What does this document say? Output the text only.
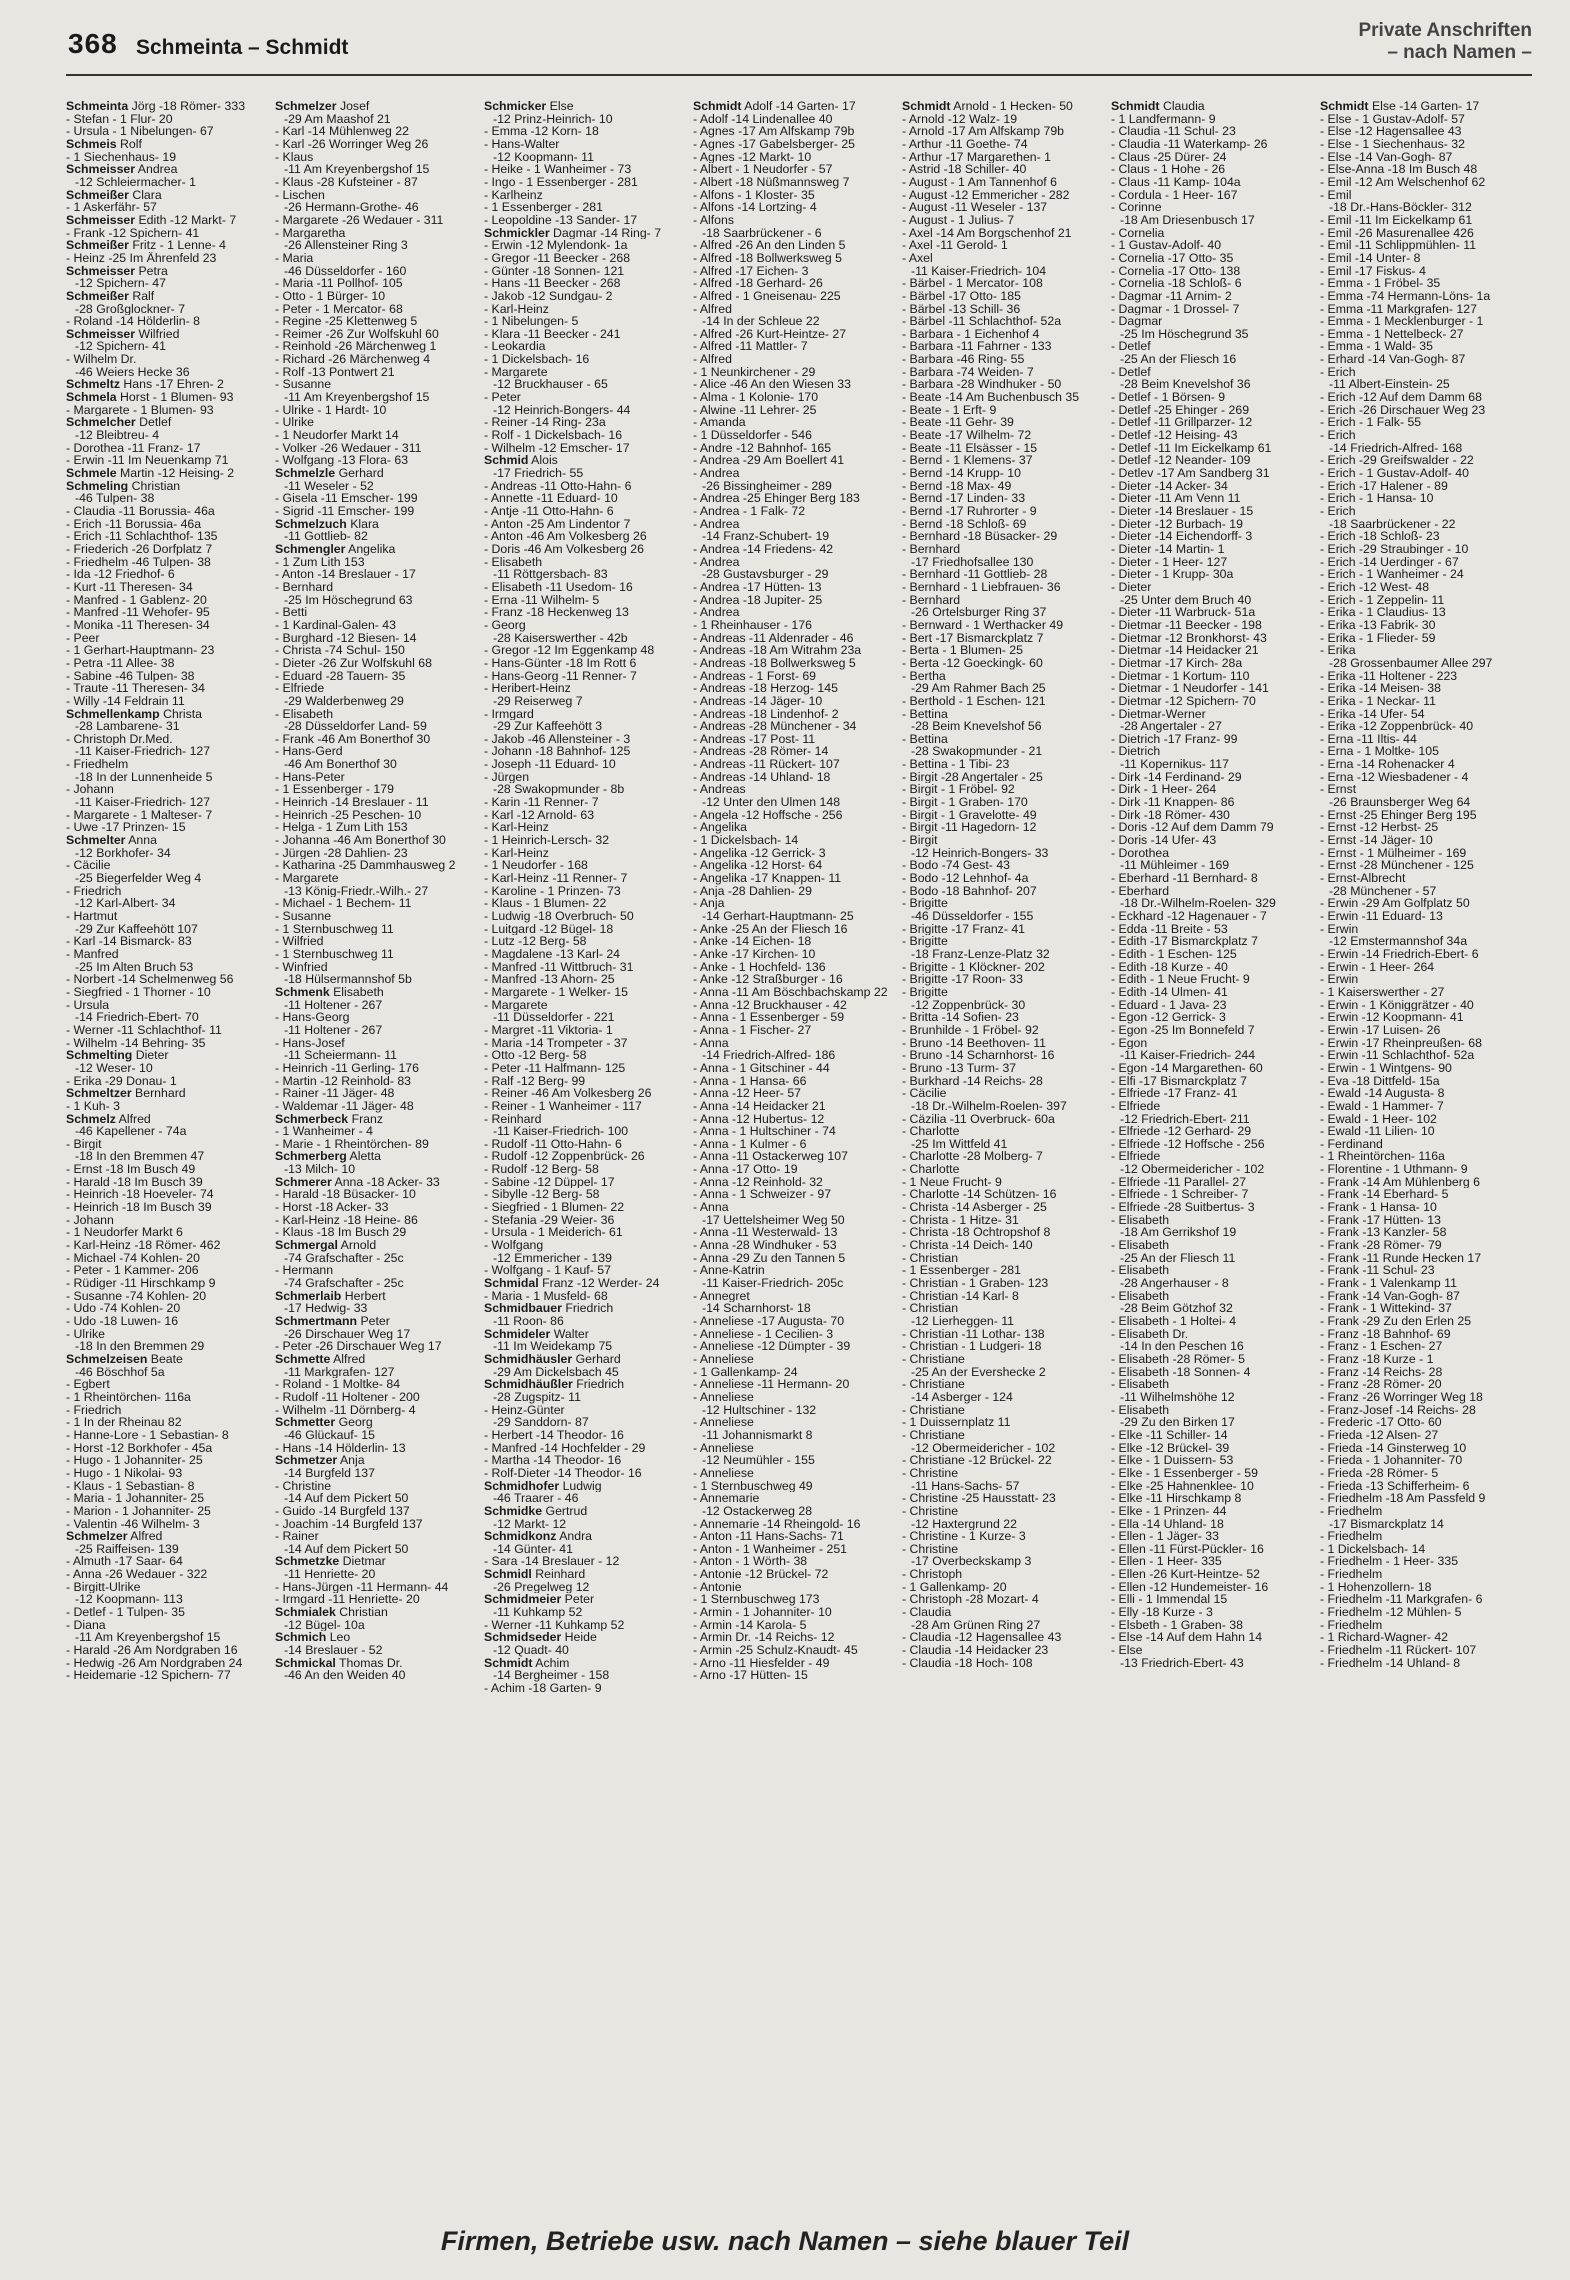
368 Schmeinta – Schmidt
Private Anschriften
– nach Namen –
Schmeinta Jörg -18 Römer- 333
- Stefan - 1 Flur- 20
- Ursula - 1 Nibelungen- 67
Schmeis Rolf
- 1 Siechenhaus- 19
Schmeisser Andrea
-12 Schleiermacher- 1
Schmeißer Clara
- 1 Askerfähr- 57
Schmeisser Edith -12 Markt- 7
- Frank -12 Spichern- 41
Schmeißer Fritz - 1 Lenne- 4
- Heinz -25 Im Ährenfeld 23
Schmeisser Petra
-12 Spichern- 47
Schmeißer Ralf
-28 Großglockner- 7
- Roland -14 Hölderlin- 8
Schmeisser Wilfried
-12 Spichern- 41
- Wilhelm Dr.
-46 Weiers Hecke 36
Schmeltz Hans -17 Ehren- 2
Schmela Horst - 1 Blumen- 93
- Margarete - 1 Blumen- 93
Schmelcher Detlef
-12 Bleibtreu- 4
- Dorothea -11 Franz- 17
- Erwin -11 Im Neuenkamp 71
Schmele Martin -12 Heising- 2
Schmeling Christian
-46 Tulpen- 38
- Claudia -11 Borussia- 46a
- Erich -11 Borussia- 46a
- Erich -11 Schlachthof- 135
- Friederich -26 Dorfplatz 7
- Friedhelm -46 Tulpen- 38
- Ida -12 Friedhof- 6
- Kurt -11 Theresen- 34
- Manfred - 1 Gablenz- 20
- Manfred -11 Wehofer- 95
- Monika -11 Theresen- 34
- Peer
- 1 Gerhart-Hauptmann- 23
- Petra -11 Allee- 38
- Sabine -46 Tulpen- 38
- Traute -11 Theresen- 34
- Willy -14 Feldrain 11
Schmellenkamp Christa
-28 Lambarene- 31
- Christoph Dr.Med.
-11 Kaiser-Friedrich- 127
- Friedhelm
-18 In der Lunnenheide 5
- Johann
-11 Kaiser-Friedrich- 127
- Margarete - 1 Malteser- 7
- Uwe -17 Prinzen- 15
Schmelter Anna
-12 Borkhofer- 34
- Cäcilie
-25 Biegerfelder Weg 4
- Friedrich
-12 Karl-Albert- 34
- Hartmut
-29 Zur Kaffeehött 107
- Karl -14 Bismarck- 83
- Manfred
-25 Im Alten Bruch 53
- Norbert -14 Schelmenweg 56
- Siegfried - 1 Thorner - 10
- Ursula
-14 Friedrich-Ebert- 70
- Werner -11 Schlachthof- 11
- Wilhelm -14 Behring- 35
Schmelting Dieter
-12 Weser- 10
- Erika -29 Donau- 1
Schmeltzer Bernhard
- 1 Kuh- 3
Schmelz Alfred
-46 Kapellener - 74a
- Birgit
-18 In den Bremmen 47
- Ernst -18 Im Busch 49
- Harald -18 Im Busch 39
- Heinrich -18 Hoeveler- 74
- Heinrich -18 Im Busch 39
- Johann
- 1 Neudorfer Markt 6
- Karl-Heinz -18 Römer- 462
- Michael -74 Kohlen- 20
- Peter - 1 Kammer- 206
- Rüdiger -11 Hirschkamp 9
- Susanne -74 Kohlen- 20
- Udo -74 Kohlen- 20
- Udo -18 Luwen- 16
- Ulrike
-18 In den Bremmen 29
Schmelzeisen Beate
-46 Böschhof 5a
- Egbert
- 1 Rheintörchen- 116a
- Friedrich
- 1 In der Rheinau 82
- Hanne-Lore - 1 Sebastian- 8
- Horst -12 Borkhofer - 45a
- Hugo - 1 Johanniter- 25
- Hugo - 1 Nikolai- 93
- Klaus - 1 Sebastian- 8
- Maria - 1 Johanniter- 25
- Marion - 1 Johanniter- 25
- Valentin -46 Wilhelm- 3
Schmelzer Alfred
-25 Raiffeisen- 139
- Almuth -17 Saar- 64
- Anna -26 Wedauer - 322
- Birgitt-Ulrike
-12 Koopmann- 113
- Detlef - 1 Tulpen- 35
- Diana
-11 Am Kreyenbergshof 15
- Harald -26 Am Nordgraben 16
- Hedwig -26 Am Nordgraben 24
- Heidemarie -12 Spichern- 77
Schmelzer Josef
-29 Am Maashof 21
- Karl -14 Mühlenweg 22
- Karl -26 Worringer Weg 26
- Klaus
-11 Am Kreyenbergshof 15
- Klaus -28 Kufsteiner - 87
- Lischen
-26 Hermann-Grothe- 46
- Margarete -26 Wedauer - 311
- Margaretha
-26 Allensteiner Ring 3
- Maria
-46 Düsseldorfer - 160
- Maria -11 Pollhof- 105
- Otto - 1 Bürger- 10
- Peter - 1 Mercator- 68
- Regine -25 Klettenweg 5
- Reimer -26 Zur Wolfskuhl 60
- Reinhold -26 Märchenweg 1
- Richard -26 Märchenweg 4
- Rolf -13 Pontwert 21
- Susanne
-11 Am Kreyenbergshof 15
- Ulrike - 1 Hardt- 10
- Ulrike
- 1 Neudorfer Markt 14
- Volker -26 Wedauer - 311
- Wolfgang -13 Flora- 63
Schmelzle Gerhard
-11 Weseler - 52
- Gisela -11 Emscher- 199
- Sigrid -11 Emscher- 199
Schmelzuch Klara
-11 Gottlieb- 82
Schmengler Angelika
- 1 Zum Lith 153
- Anton -14 Breslauer - 17
- Bernhard
-25 Im Höschegrund 63
- Betti
- 1 Kardinal-Galen- 43
- Burghard -12 Biesen- 14
- Christa -74 Schul- 150
- Dieter -26 Zur Wolfskuhl 68
- Eduard -28 Tauern- 35
- Elfriede
-29 Walderbenweg 29
- Elisabeth
-28 Düsseldorfer Land- 59
- Frank -46 Am Bonerthof 30
- Hans-Gerd
-46 Am Bonerthof 30
- Hans-Peter
- 1 Essenberger - 179
- Heinrich -14 Breslauer - 11
- Heinrich -25 Peschen- 10
- Helga - 1 Zum Lith 153
- Johanna -46 Am Bonerthof 30
- Jürgen -28 Dahlien- 23
- Katharina -25 Dammhausweg 2
- Margarete
-13 König-Friedr.-Wilh.- 27
- Michael - 1 Bechem- 11
- Susanne
- 1 Sternbuschweg 11
- Wilfried
- 1 Sternbuschweg 11
- Winfried
-18 Hülsermannshof 5b
Schmenk Elisabeth
-11 Holtener - 267
- Hans-Georg
-11 Holtener - 267
- Hans-Josef
-11 Scheiermann- 11
- Heinrich -11 Gerling- 176
- Martin -12 Reinhold- 83
- Rainer -11 Jäger- 48
- Waldemar -11 Jäger- 48
Schmerbeck Franz
- 1 Wanheimer - 4
- Marie - 1 Rheintörchen- 89
Schmerberg Aletta
-13 Milch- 10
Schmerer Anna -18 Acker- 33
- Harald -18 Büsacker- 10
- Horst -18 Acker- 33
- Karl-Heinz -18 Heine- 86
- Klaus -18 Im Busch 29
Schmergal Arnold
-74 Grafschafter - 25c
- Hermann
-74 Grafschafter - 25c
Schmerlaib Herbert
-17 Hedwig- 33
Schmertmann Peter
-26 Dirschauer Weg 17
- Peter -26 Dirschauer Weg 17
Schmette Alfred
-11 Markgrafen- 127
- Roland - 1 Moltke- 84
- Rudolf -11 Holtener - 200
- Wilhelm -11 Dörnberg- 4
Schmetter Georg
-46 Glückauf- 15
- Hans -14 Hölderlin- 13
Schmetzer Anja
-14 Burgfeld 137
- Christine
-14 Auf dem Pickert 50
- Guido -14 Burgfeld 137
- Joachim -14 Burgfeld 137
- Rainer
-14 Auf dem Pickert 50
Schmetzke Dietmar
-11 Henriette- 20
- Hans-Jürgen -11 Hermann- 44
- Irmgard -11 Henriette- 20
Schmialek Christian
-12 Bügel- 10a
Schmich Leo
-14 Breslauer - 52
Schmickal Thomas Dr.
-46 An den Weiden 40
Schmicker Else
-12 Prinz-Heinrich- 10
- Emma -12 Korn- 18
- Hans-Walter
-12 Koopmann- 11
- Heike - 1 Wanheimer - 73
- Ingo - 1 Essenberger - 281
- Karlheinz
- 1 Essenberger - 281
- Leopoldine -13 Sander- 17
Schmickler Dagmar -14 Ring- 7
- Erwin -12 Mylendonk- 1a
- Gregor -11 Beecker - 268
- Günter -18 Sonnen- 121
- Hans -11 Beecker - 268
- Jakob -12 Sundgau- 2
- Karl-Heinz
- 1 Nibelungen- 5
- Klara -11 Beecker - 241
- Leokardia
- 1 Dickelsbach- 16
- Margarete
-12 Bruckhauser - 65
- Peter
-12 Heinrich-Bongers- 44
- Reiner -14 Ring- 23a
- Rolf - 1 Dickelsbach- 16
- Wilhelm -12 Emscher- 17
Schmid Alois
-17 Friedrich- 55
- Andreas -11 Otto-Hahn- 6
- Annette -11 Eduard- 10
- Antje -11 Otto-Hahn- 6
- Anton -25 Am Lindentor 7
- Anton -46 Am Volkesberg 26
- Doris -46 Am Volkesberg 26
- Elisabeth
-11 Röttgersbach- 83
- Elisabeth -11 Usedom- 16
- Erna -11 Wilhelm- 5
- Franz -18 Heckenweg 13
- Georg
-28 Kaiserswerther - 42b
- Gregor -12 Im Eggenkamp 48
- Hans-Günter -18 Im Rott 6
- Hans-Georg -11 Renner- 7
- Heribert-Heinz
-29 Reiserweg 7
- Irmgard
-29 Zur Kaffeehött 3
- Jakob -46 Allensteiner - 3
- Johann -18 Bahnhof- 125
- Joseph -11 Eduard- 10
- Jürgen
-28 Swakopmunder - 8b
- Karin -11 Renner- 7
- Karl -12 Arnold- 63
- Karl-Heinz
- 1 Heinrich-Lersch- 32
- Karl-Heinz
- 1 Neudorfer - 168
- Karl-Heinz -11 Renner- 7
- Karoline - 1 Prinzen- 73
- Klaus - 1 Blumen- 22
- Ludwig -18 Overbruch- 50
- Luitgard -12 Bügel- 18
- Lutz -12 Berg- 58
- Magdalene -13 Karl- 24
- Manfred -11 Wittbruch- 31
- Manfred -13 Ahorn- 25
- Margarete - 1 Welker- 15
- Margarete
-11 Düsseldorfer - 221
- Margret -11 Viktoria- 1
- Maria -14 Trompeter - 37
- Otto -12 Berg- 58
- Peter -11 Halfmann- 125
- Ralf -12 Berg- 99
- Reiner -46 Am Volkesberg 26
- Reiner - 1 Wanheimer - 117
- Reinhard
-11 Kaiser-Friedrich- 100
- Rudolf -11 Otto-Hahn- 6
- Rudolf -12 Zoppenbrück- 26
- Rudolf -12 Berg- 58
- Sabine -12 Düppel- 17
- Sibylle -12 Berg- 58
- Siegfried - 1 Blumen- 22
- Stefania -29 Weier- 36
- Ursula - 1 Meiderich- 61
- Wolfgang
-12 Emmericher - 139
- Wolfgang - 1 Kauf- 57
Schmidal Franz -12 Werder- 24
- Maria - 1 Musfeld- 68
Schmidbauer Friedrich
-11 Roon- 86
Schmideler Walter
-11 Im Weidekamp 75
Schmidhäusler Gerhard
-29 Am Dickelsbach 45
Schmidhäußler Friedrich
-28 Zugspitz- 11
- Heinz-Günter
-29 Sanddorn- 87
- Herbert -14 Theodor- 16
- Manfred -14 Hochfelder - 29
- Martha -14 Theodor- 16
- Rolf-Dieter -14 Theodor- 16
Schmidhofer Ludwig
-46 Traarer - 46
Schmidke Gertrud
-12 Markt- 12
Schmidkonz Andra
-14 Günter- 41
- Sara -14 Breslauer - 12
Schmidl Reinhard
-26 Pregelweg 12
Schmidmeier Peter
-11 Kuhkamp 52
- Werner -11 Kuhkamp 52
Schmidseder Heide
-12 Quadt- 40
Schmidt Achim
-14 Bergheimer - 158
- Achim -18 Garten- 9
Schmidt Adolf -14 Garten- 17
- Adolf -14 Lindenallee 40
- Agnes -17 Am Alfskamp 79b
- Agnes -17 Gabelsberger- 25
- Agnes -12 Markt- 10
- Albert - 1 Neudorfer - 57
- Albert -18 Nüßmannsweg 7
- Alfons - 1 Kloster- 35
- Alfons -14 Lortzing- 4
- Alfons
-18 Saarbrückener - 6
- Alfred -26 An den Linden 5
- Alfred -18 Bollwerksweg 5
- Alfred -17 Eichen- 3
- Alfred -18 Gerhard- 26
- Alfred - 1 Gneisenau- 225
- Alfred
-14 In der Schleue 22
- Alfred -26 Kurt-Heintze- 27
- Alfred -11 Mattler- 7
- Alfred
- 1 Neunkirchener - 29
- Alice -46 An den Wiesen 33
- Alma - 1 Kolonie- 170
- Alwine -11 Lehrer- 25
- Amanda
- 1 Düsseldorfer - 546
- Andre -12 Bahnhof- 165
- Andrea -29 Am Boellert 41
- Andrea
-26 Bissingheimer - 289
- Andrea -25 Ehinger Berg 183
- Andrea - 1 Falk- 72
- Andrea
-14 Franz-Schubert- 19
- Andrea -14 Friedens- 42
- Andrea
-28 Gustavsburger - 29
- Andrea -17 Hütten- 13
- Andrea -18 Jupiter- 25
- Andrea
- 1 Rheinhauser - 176
- Andreas -11 Aldenrader - 46
- Andreas -18 Am Witrahm 23a
- Andreas -18 Bollwerksweg 5
- Andreas - 1 Forst- 69
- Andreas -18 Herzog- 145
- Andreas -14 Jäger- 10
- Andreas -18 Lindenhof- 2
- Andreas -28 Münchener - 34
- Andreas -17 Post- 11
- Andreas -28 Römer- 14
- Andreas -11 Rückert- 107
- Andreas -14 Uhland- 18
- Andreas
-12 Unter den Ulmen 148
- Angela -12 Hoffsche - 256
- Angelika
- 1 Dickelsbach- 14
- Angelika -12 Gerrick- 3
- Angelika -12 Horst- 64
- Angelika -17 Knappen- 11
- Anja -28 Dahlien- 29
- Anja
-14 Gerhart-Hauptmann- 25
- Anke -25 An der Fliesch 16
- Anke -14 Eichen- 18
- Anke -17 Kirchen- 10
- Anke - 1 Hochfeld- 136
- Anke -12 Straßburger - 16
- Anna -11 Am Böschbachskamp 22
- Anna -12 Bruckhauser - 42
- Anna - 1 Essenberger - 59
- Anna - 1 Fischer- 27
- Anna
-14 Friedrich-Alfred- 186
- Anna - 1 Gitschiner - 44
- Anna - 1 Hansa- 66
- Anna -12 Heer- 57
- Anna -14 Heidacker 21
- Anna -12 Hubertus- 12
- Anna - 1 Hultschiner - 74
- Anna - 1 Kulmer - 6
- Anna -11 Ostackerweg 107
- Anna -17 Otto- 19
- Anna -12 Reinhold- 32
- Anna - 1 Schweizer - 97
- Anna
-17 Uettelsheimer Weg 50
- Anna -11 Westerwald- 13
- Anna -28 Windhuker - 53
- Anna -29 Zu den Tannen 5
- Anne-Katrin
-11 Kaiser-Friedrich- 205c
- Annegret
-14 Scharnhorst- 18
- Anneliese -17 Augusta- 70
- Anneliese - 1 Cecilien- 3
- Anneliese -12 Dümpter - 39
- Anneliese
- 1 Gallenkamp- 24
- Anneliese -11 Hermann- 20
- Anneliese
-12 Hultschiner - 132
- Anneliese
-11 Johannismarkt 8
- Anneliese
-12 Neumühler - 155
- Anneliese
- 1 Sternbuschweg 49
- Annemarie
-12 Ostackerweg 28
- Annemarie -14 Rheingold- 16
- Anton -11 Hans-Sachs- 71
- Anton - 1 Wanheimer - 251
- Anton - 1 Wörth- 38
- Antonie -12 Brückel- 72
- Antonie
- 1 Sternbuschweg 173
- Armin - 1 Johanniter- 10
- Armin -14 Karola- 5
- Armin Dr. -14 Reichs- 12
- Armin -25 Schulz-Knaudt- 45
- Arno -11 Hiesfelder - 49
- Arno -17 Hütten- 15
Schmidt Arnold - 1 Hecken- 50
- Arnold -12 Walz- 19
- Arnold -17 Am Alfskamp 79b
- Arthur -11 Goethe- 74
- Arthur -17 Margarethen- 1
- Astrid -18 Schiller- 40
- August - 1 Am Tannenhof 6
- August -12 Emmericher - 282
- August -11 Weseler - 137
- August - 1 Julius- 7
- Axel -14 Am Borgschenhof 21
- Axel -11 Gerold- 1
- Axel
-11 Kaiser-Friedrich- 104
- Bärbel - 1 Mercator- 108
- Bärbel -17 Otto- 185
- Bärbel -13 Schill- 36
- Bärbel -11 Schlachthof- 52a
- Barbara - 1 Eichenhof 4
- Barbara -11 Fahrner - 133
- Barbara -46 Ring- 55
- Barbara -74 Weiden- 7
- Barbara -28 Windhuker - 50
- Beate -14 Am Buchenbusch 35
- Beate - 1 Erft- 9
- Beate -11 Gehr- 39
- Beate -17 Wilhelm- 72
- Beate -11 Elsässer - 15
- Bernd - 1 Klemens- 37
- Bernd -14 Krupp- 10
- Bernd -18 Max- 49
- Bernd -17 Linden- 33
- Bernd -17 Ruhrorter - 9
- Bernd -18 Schloß- 69
- Bernhard -18 Büsacker- 29
- Bernhard
-17 Friedhofsallee 130
- Bernhard -11 Gottlieb- 28
- Bernhard - 1 Liebfrauen- 36
- Bernhard
-26 Ortelsburger Ring 37
- Bernward - 1 Werthacker 49
- Bert -17 Bismarckplatz 7
- Berta - 1 Blumen- 25
- Berta -12 Goeckingk- 60
- Bertha
-29 Am Rahmer Bach 25
- Berthold - 1 Eschen- 121
- Bettina
-28 Beim Knevelshof 56
- Bettina
-28 Swakopmunder - 21
- Bettina - 1 Tibi- 23
- Birgit -28 Angertaler - 25
- Birgit - 1 Fröbel- 92
- Birgit - 1 Graben- 170
- Birgit - 1 Gravelotte- 49
- Birgit -11 Hagedorn- 12
- Birgit
-12 Heinrich-Bongers- 33
- Bodo -74 Gest- 43
- Bodo -12 Lehnhof- 4a
- Bodo -18 Bahnhof- 207
- Brigitte
-46 Düsseldorfer - 155
- Brigitte -17 Franz- 41
- Brigitte
-18 Franz-Lenze-Platz 32
- Brigitte - 1 Klöckner- 202
- Brigitte -17 Roon- 33
- Brigitte
-12 Zoppenbrück- 30
- Britta -14 Sofien- 23
- Brunhilde - 1 Fröbel- 92
- Bruno -14 Beethoven- 11
- Bruno -14 Scharnhorst- 16
- Bruno -13 Turm- 37
- Burkhard -14 Reichs- 28
- Cäcilie
-18 Dr.-Wilhelm-Roelen- 397
- Cäzilia -11 Overbruck- 60a
- Charlotte
-25 Im Wittfeld 41
- Charlotte -28 Molberg- 7
- Charlotte
- 1 Neue Frucht- 9
- Charlotte -14 Schützen- 16
- Christa -14 Asberger - 25
- Christa - 1 Hitze- 31
- Christa -18 Ochtropshof 8
- Christa -14 Deich- 140
- Christian
- 1 Essenberger - 281
- Christian - 1 Graben- 123
- Christian -14 Karl- 8
- Christian
-12 Lierheggen- 11
- Christian -11 Lothar- 138
- Christian - 1 Ludgeri- 18
- Christiane
-25 An der Eversheckе 2
- Christiane
-14 Asberger - 124
- Christiane
- 1 Duissernplatz 11
- Christiane
-12 Obermeidericher - 102
- Christiane -12 Brückel- 22
- Christine
-11 Hans-Sachs- 57
- Christine -25 Hausstatt- 23
- Christine
-12 Haxtergrund 22
- Christine - 1 Kurze- 3
- Christine
-17 Overbeckskamp 3
- Christoph
- 1 Gallenkamp- 20
- Christoph -28 Mozart- 4
- Claudia
-28 Am Grünen Ring 27
- Claudia -12 Hagensallee 43
- Claudia -14 Heidacker 23
- Claudia -18 Hoch- 108
Schmidt Claudia
- 1 Landfermann- 9
- Claudia -11 Schul- 23
- Claudia -11 Waterkamp- 26
- Claus -25 Dürer- 24
- Claus - 1 Hohe - 26
- Claus -11 Kamp- 104a
- Cordula - 1 Heer- 167
- Corinne
-18 Am Driesenbusch 17
- Cornelia
- 1 Gustav-Adolf- 40
- Cornelia -17 Otto- 35
- Cornelia -17 Otto- 138
- Cornelia -18 Schloß- 6
- Dagmar -11 Arnim- 2
- Dagmar - 1 Drossel- 7
- Dagmar
-25 Im Höschegrund 35
- Detlef
-25 An der Fliesch 16
- Detlef
-28 Beim Knevelshof 36
- Detlef - 1 Börsen- 9
- Detlef -25 Ehinger - 269
- Detlef -11 Grillparzer- 12
- Detlef -12 Heising- 43
- Detlef -11 Im Eickelkamp 61
- Detlef -12 Neander- 109
- Detlev -17 Am Sandberg 31
- Dieter -14 Acker- 34
- Dieter -11 Am Venn 11
- Dieter -14 Breslauer - 15
- Dieter -12 Burbach- 19
- Dieter -14 Eichendorff- 3
- Dieter -14 Martin- 1
- Dieter - 1 Heer- 127
- Dieter - 1 Krupp- 30a
- Dieter
-25 Unter dem Bruch 40
- Dieter -11 Warbruck- 51a
- Dietmar -11 Beecker - 198
- Dietmar -12 Bronkhorst- 43
- Dietmar -14 Heidacker 21
- Dietmar -17 Kirch- 28a
- Dietmar - 1 Kortum- 110
- Dietmar - 1 Neudorfer - 141
- Dietmar -12 Spichern- 70
- Dietmar-Werner
-28 Angertaler - 27
- Dietrich -17 Franz- 99
- Dietrich
-11 Kopernikus- 117
- Dirk -14 Ferdinand- 29
- Dirk - 1 Heer- 264
- Dirk -11 Knappen- 86
- Dirk -18 Römer- 430
- Doris -12 Auf dem Damm 79
- Doris -14 Ufer- 43
- Dorothea
-11 Mühleimer - 169
- Eberhard -11 Bernhard- 8
- Eberhard
-18 Dr.-Wilhelm-Roelen- 329
- Eckhard -12 Hagenauer - 7
- Edda -11 Breite - 53
- Edith -17 Bismarckplatz 7
- Edith - 1 Eschen- 125
- Edith -18 Kurze - 40
- Edith - 1 Neue Frucht- 9
- Edith -14 Ulmen- 41
- Eduard - 1 Java- 23
- Egon -12 Gerrick- 3
- Egon -25 Im Bonnefeld 7
- Egon
-11 Kaiser-Friedrich- 244
- Egon -14 Margarethen- 60
- Elfi -17 Bismarckplatz 7
- Elfriede -17 Franz- 41
- Elfriede
-12 Friedrich-Ebert- 211
- Elfriede -12 Gerhard- 29
- Elfriede -12 Hoffsche - 256
- Elfriede
-12 Obermeidericher - 102
- Elfriede -11 Parallel- 27
- Elfriede - 1 Schreiber- 7
- Elfriede -28 Suitbertus- 3
- Elisabeth
-18 Am Gerrikshof 19
- Elisabeth
-25 An der Fliesch 11
- Elisabeth
-28 Angerhauser - 8
- Elisabeth
-28 Beim Götzhof 32
- Elisabeth - 1 Holtei- 4
- Elisabeth Dr.
-14 In den Peschen 16
- Elisabeth -28 Römer- 5
- Elisabeth -18 Sonnen- 4
- Elisabeth
-11 Wilhelmshöhe 12
- Elisabeth
-29 Zu den Birken 17
- Elke -11 Schiller- 14
- Elke -12 Brückel- 39
- Elke - 1 Duissern- 53
- Elke - 1 Essenberger - 59
- Elke -25 Hahnenklee- 10
- Elke -11 Hirschkamp 8
- Elke - 1 Prinzen- 44
- Ella -14 Uhland- 18
- Ellen - 1 Jäger- 33
- Ellen -11 Fürst-Pückler- 16
- Ellen - 1 Heer- 335
- Ellen -26 Kurt-Heintze- 52
- Ellen -12 Hundemeister- 16
- Elli - 1 Immendal 15
- Elly -18 Kurze - 3
- Elsbeth - 1 Graben- 38
- Else -14 Auf dem Hahn 14
- Else
-13 Friedrich-Ebert- 43
Schmidt Else -14 Garten- 17
- Else - 1 Gustav-Adolf- 57
- Else -12 Hagensallee 43
- Else - 1 Siechenhaus- 32
- Else -14 Van-Gogh- 87
- Else-Anna -18 Im Busch 48
- Emil -12 Am Welschenhof 62
- Emil
-18 Dr.-Hans-Böckler- 312
- Emil -11 Im Eickelkamp 61
- Emil -26 Masurenallee 426
- Emil -11 Schlippmühlen- 11
- Emil -14 Unter- 8
- Emil -17 Fiskus- 4
- Emma - 1 Fröbel- 35
- Emma -74 Hermann-Löns- 1a
- Emma -11 Markgrafen- 127
- Emma - 1 Mecklenburger - 1
- Emma - 1 Nettelbeck- 27
- Emma - 1 Wald- 35
- Erhard -14 Van-Gogh- 87
- Erich
-11 Albert-Einstein- 25
- Erich -12 Auf dem Damm 68
- Erich -26 Dirschauer Weg 23
- Erich - 1 Falk- 55
- Erich
-14 Friedrich-Alfred- 168
- Erich -29 Greifswalder - 22
- Erich - 1 Gustav-Adolf- 40
- Erich -17 Halener - 89
- Erich - 1 Hansa- 10
- Erich
-18 Saarbrückener - 22
- Erich -18 Schloß- 23
- Erich -29 Straubinger - 10
- Erich -14 Uerdinger - 67
- Erich - 1 Wanheimer - 24
- Erich -12 West- 48
- Erich - 1 Zeppelin- 11
- Erika - 1 Claudius- 13
- Erika -13 Fabrik- 30
- Erika - 1 Flieder- 59
- Erika
-28 Grossenbaumer Allee 297
- Erika -11 Holtener - 223
- Erika -14 Meisen- 38
- Erika - 1 Neckar- 11
- Erika -14 Ufer- 54
- Erika -12 Zoppenbrück- 40
- Erna -11 Iltis- 44
- Erna - 1 Moltke- 105
- Erna -14 Rohenacker 4
- Erna -12 Wiesbadener - 4
- Ernst
-26 Braunsberger Weg 64
- Ernst -25 Ehinger Berg 195
- Ernst -12 Herbst- 25
- Ernst -14 Jäger- 10
- Ernst - 1 Mülheimer - 169
- Ernst -28 Münchener - 125
- Ernst-Albrecht
-28 Münchener - 57
- Erwin -29 Am Golfplatz 50
- Erwin -11 Eduard- 13
- Erwin
-12 Emstermannshof 34a
- Erwin -14 Friedrich-Ebert- 6
- Erwin - 1 Heer- 264
- Erwin
- 1 Kaiserswerther - 27
- Erwin - 1 Königgrätzer - 40
- Erwin -12 Koopmann- 41
- Erwin -17 Luisen- 26
- Erwin -17 Rheinpreußen- 68
- Erwin -11 Schlachthof- 52a
- Erwin - 1 Wintgens- 90
- Eva -18 Dittfeld- 15a
- Ewald -14 Augusta- 8
- Ewald - 1 Hammer- 7
- Ewald - 1 Heer- 102
- Ewald -11 Lilien- 10
- Ferdinand
- 1 Rheintörchen- 116a
- Florentine - 1 Uthmann- 9
- Frank -14 Am Mühlenberg 6
- Frank -14 Eberhard- 5
- Frank - 1 Hansa- 10
- Frank -17 Hütten- 13
- Frank -13 Kanzler- 58
- Frank -28 Römer- 79
- Frank -11 Runde Hecken 17
- Frank -11 Schul- 23
- Frank - 1 Valenkamp 11
- Frank -14 Van-Gogh- 87
- Frank - 1 Wittekind- 37
- Frank -29 Zu den Erlen 25
- Franz -18 Bahnhof- 69
- Franz - 1 Eschen- 27
- Franz -18 Kurze - 1
- Franz -14 Reichs- 28
- Franz -28 Römer- 20
- Franz -26 Worringer Weg 18
- Franz-Josef -14 Reichs- 28
- Frederic -17 Otto- 60
- Frieda -12 Alsen- 27
- Frieda -14 Ginsterweg 10
- Frieda - 1 Johanniter- 70
- Frieda -28 Römer- 5
- Frieda -13 Schifferheim- 6
- Friedhelm -18 Am Passfeld 9
- Friedhelm
-17 Bismarckplatz 14
- Friedhelm
- 1 Dickelsbach- 14
- Friedhelm - 1 Heer- 335
- Friedhelm
- 1 Hohenzollern- 18
- Friedhelm -11 Markgrafen- 6
- Friedhelm -12 Mühlen- 5
- Friedhelm
- 1 Richard-Wagner- 42
- Friedhelm -11 Rückert- 107
- Friedhelm -14 Uhland- 8
Firmen, Betriebe usw. nach Namen – siehe blauer Teil
